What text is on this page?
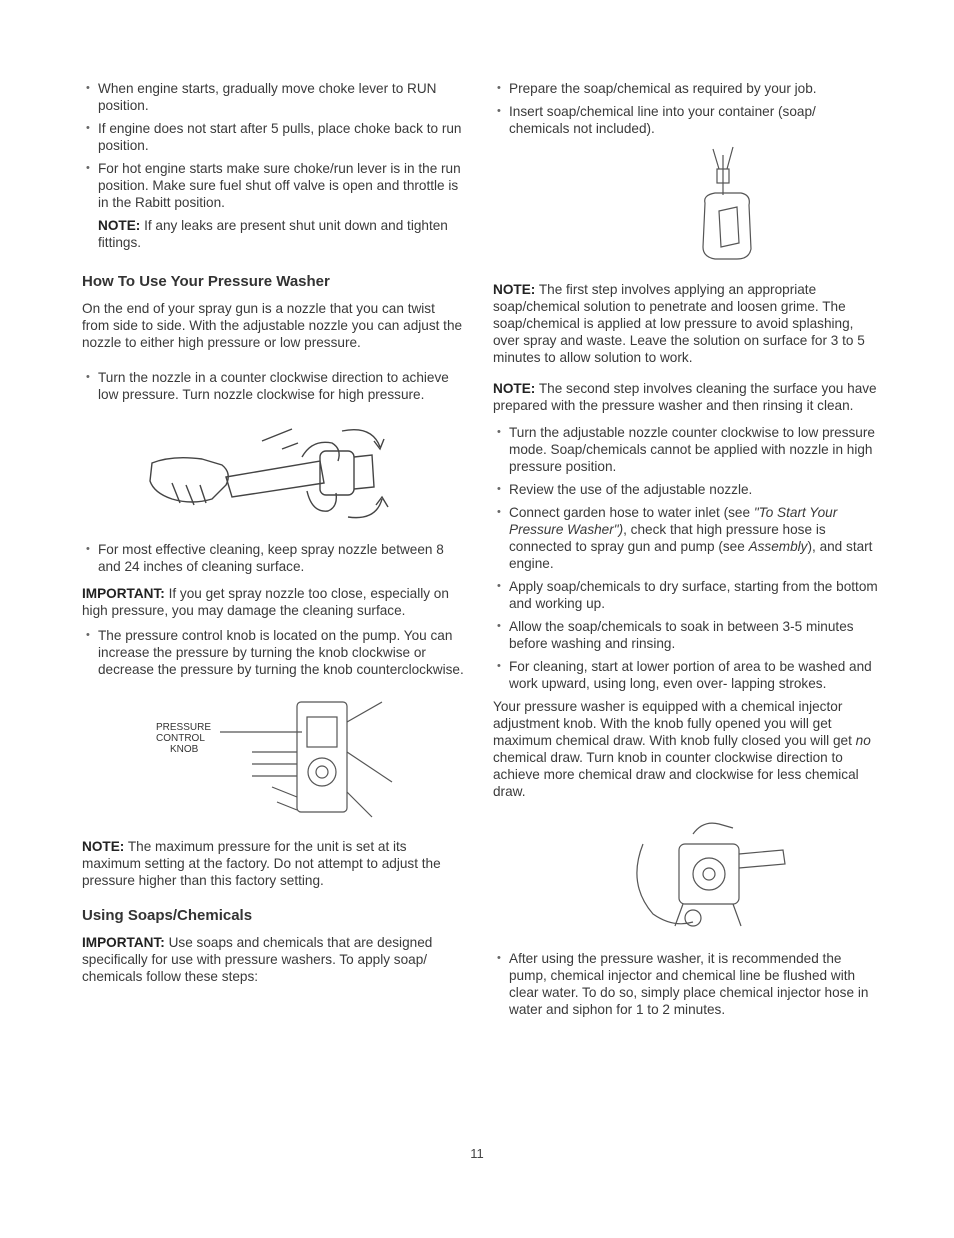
• When engine starts, gradually move choke lever to RUN position.
• If engine does not start after 5 pulls, place choke back to run position.
• For hot engine starts make sure choke/run lever is in the run position. Make sure fuel shut off valve is open and throttle is in the Rabitt position.
NOTE: If any leaks are present shut unit down and tighten fittings.
How To Use Your Pressure Washer
On the end of your spray gun is a nozzle that you can twist from side to side. With the adjustable nozzle you can adjust the nozzle to either high pressure or low pressure.
• Turn the nozzle in a counter clockwise direction to achieve low pressure. Turn nozzle clockwise for high pressure.
• For most effective cleaning, keep spray nozzle between 8 and 24 inches of cleaning surface.
IMPORTANT: If you get spray nozzle too close, especially on high pressure, you may damage the cleaning surface.
• The pressure control knob is located on the pump. You can increase the pressure by turning the knob clockwise or decrease the pressure by turning the knob counterclockwise.
PRESSURE
CONTROL
KNOB
NOTE: The maximum pressure for the unit is set at its maximum setting at the factory. Do not attempt to adjust the pressure higher than this factory setting.
Using Soaps/Chemicals
IMPORTANT: Use soaps and chemicals that are designed specifically for use with pressure washers. To apply soap/ chemicals follow these steps:
• Prepare the soap/chemical as required by your job.
• Insert soap/chemical line into your container (soap/ chemicals not included).
NOTE: The first step involves applying an appropriate soap/chemical solution to penetrate and loosen grime. The soap/chemical is applied at low pressure to avoid splashing, over spray and waste. Leave the solution on surface for 3 to 5 minutes to allow solution to work.
NOTE: The second step involves cleaning the surface you have prepared with the pressure washer and then rinsing it clean.
• Turn the adjustable nozzle counter clockwise to low pressure mode. Soap/chemicals cannot be applied with nozzle in high pressure position.
• Review the use of the adjustable nozzle.
• Connect garden hose to water inlet (see "To Start Your Pressure Washer"), check that high pressure hose is connected to spray gun and pump (see Assembly), and start engine.
• Apply soap/chemicals to dry surface, starting from the bottom and working up.
• Allow the soap/chemicals to soak in between 3-5 minutes before washing and rinsing.
• For cleaning, start at lower portion of area to be washed and work upward, using long, even over- lapping strokes.
Your pressure washer is equipped with a chemical injector adjustment knob. With the knob fully opened you will get maximum chemical draw. With knob fully closed you will get no chemical draw. Turn knob in counter clockwise direction to achieve more chemical draw and clockwise for less chemical draw.
• After using the pressure washer, it is recommended the pump, chemical injector and chemical line be flushed with clear water. To do so, simply place chemical injector hose in water and siphon for 1 to 2 minutes.
11
